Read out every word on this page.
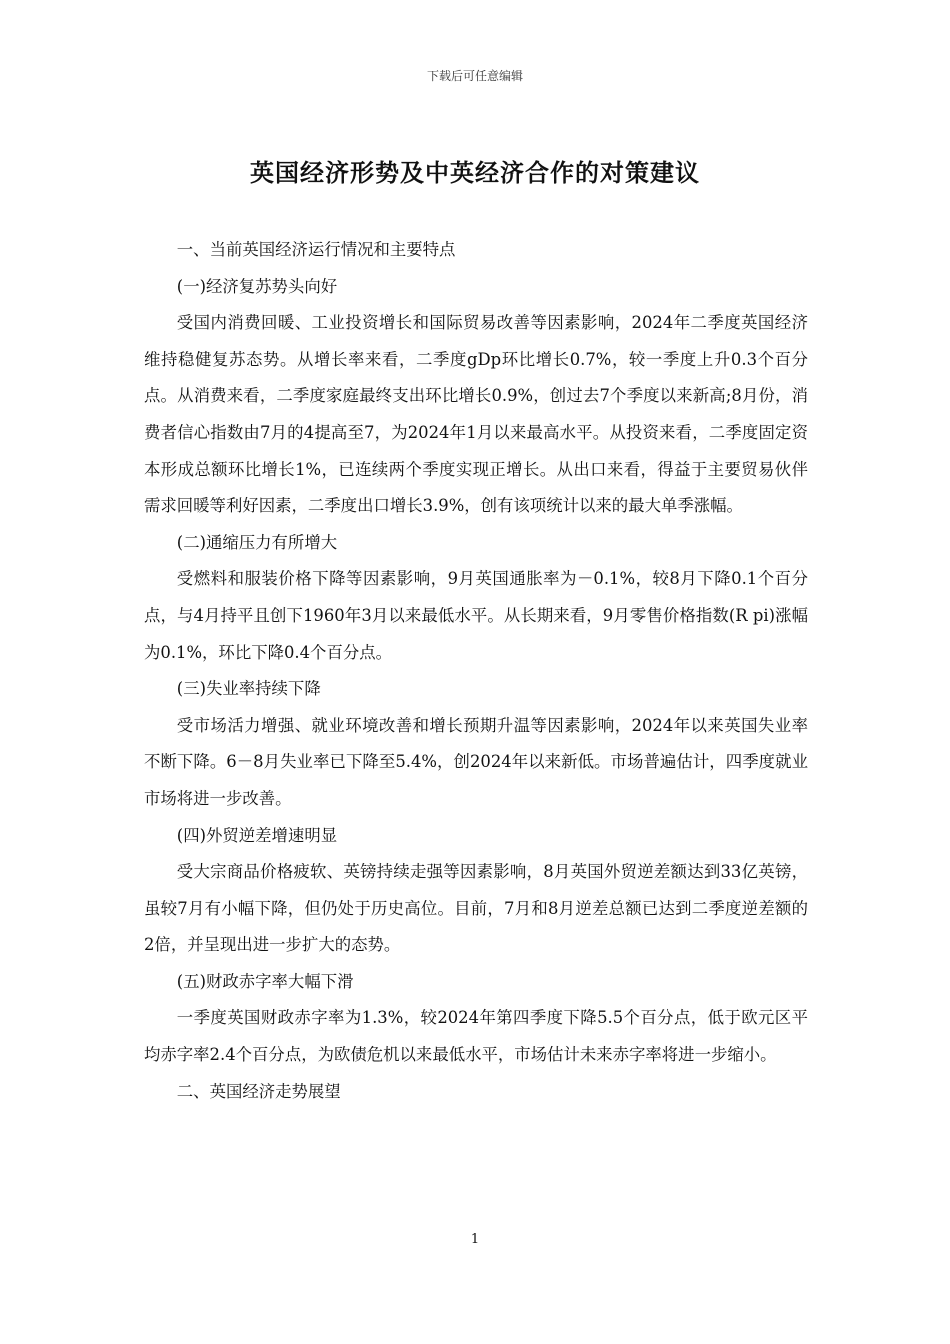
下载后可任意编辑
英国经济形势及中英经济合作的对策建议

一、当前英国经济运行情况和主要特点

(一)经济复苏势头向好

受国内消费回暖、工业投资增长和国际贸易改善等因素影响，2024年二季度英国经济维持稳健复苏态势。从增长率来看，二季度gDp环比增长0.7%，较一季度上升0.3个百分点。从消费来看，二季度家庭最终支出环比增长0.9%，创过去7个季度以来新高;8月份，消费者信心指数由7月的4提高至7，为2024年1月以来最高水平。从投资来看，二季度固定资本形成总额环比增长1%，已连续两个季度实现正增长。从出口来看，得益于主要贸易伙伴需求回暖等利好因素，二季度出口增长3.9%，创有该项统计以来的最大单季涨幅。

(二)通缩压力有所增大

受燃料和服装价格下降等因素影响，9月英国通胀率为－0.1%，较8月下降0.1个百分点，与4月持平且创下1960年3月以来最低水平。从长期来看，9月零售价格指数(R pi)涨幅为0.1%，环比下降0.4个百分点。

(三)失业率持续下降

受市场活力增强、就业环境改善和增长预期升温等因素影响，2024年以来英国失业率不断下降。6－8月失业率已下降至5.4%，创2024年以来新低。市场普遍估计，四季度就业市场将进一步改善。

(四)外贸逆差增速明显

受大宗商品价格疲软、英镑持续走强等因素影响，8月英国外贸逆差额达到33亿英镑，虽较7月有小幅下降，但仍处于历史高位。目前，7月和8月逆差总额已达到二季度逆差额的2倍，并呈现出进一步扩大的态势。

(五)财政赤字率大幅下滑

一季度英国财政赤字率为1.3%，较2024年第四季度下降5.5个百分点，低于欧元区平均赤字率2.4个百分点，为欧债危机以来最低水平，市场估计未来赤字率将进一步缩小。

二、英国经济走势展望

1
